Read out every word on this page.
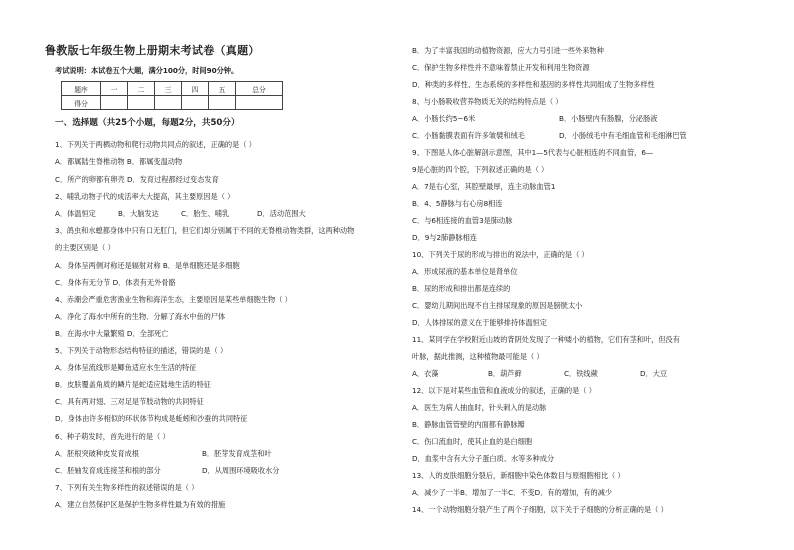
鲁教版七年级生物上册期末考试卷（真题）
考试说明：本试卷五个大题，满分100分，时间90分钟。
题序	一	二	三	四	五	总分
得分						
一、选择题（共25个小题，每题2分，共50分）
1、下列关于两栖动物和爬行动物共同点的叙述，正确的是（ ）
A．都属陆生脊椎动物 B．都属变温动物
C．所产的卵都有卵壳 D．发育过程都经过变态发育
2、哺乳动物子代的成活率大大提高，其主要原因是（ ）
A．体温恒定	B．大脑发达	C．胎生、哺乳	D．活动范围大
3、鸽虫和水螅都身体中只有口无肛门，但它们却分别属于不同的无脊椎动物类群，这两种动物
的主要区别是（ ）
A．身体呈两侧对称还是辐射对称 B．是单细胞还是多细胞
C．身体有无分节 D．体表有无外骨骼
4、赤潮会严重危害渔业生物和海洋生态，主要原因是某些单细胞生物（ ）
A．净化了海水中所有的生物．分解了海水中鱼的尸体
B．在海水中大量繁殖 D．全部死亡
5、下列关于动物形态结构特征的描述，错误的是（ ）
A．身体呈流线形是鲫鱼适应水生生活的特征
B．皮肤覆盖角质的鳞片是蛇适应陆地生活的特征
C．具有两对翅、三对足是节肢动物的共同特征
D．身体由许多相似的环状体节构成是蚯蚓和沙蚕的共同特征
6、种子萌发时，首先进行的是（ ）
A．胚根突破种皮发育成根	B．胚芽发育成茎和叶
C．胚轴发育成连接茎和根的部分	D．从周围环境吸收水分
7、下列有关生物多样性的叙述错误的是（ ）
A．建立自然保护区是保护生物多样性最为有效的措施
B．为了丰富我国的动植物资源，应大力号引进一些外来物种
C．保护生物多样性并不意味着禁止开发和利用生物资源
D．种类的多样性、生态系统的多样性和基因的多样性共同组成了生物多样性
8、与小肠吸收营养物质无关的结构特点是（ ）
A．小肠长约5~6米	B．小肠壁内有肠腺，分泌肠液
C．小肠黏膜表面有许多皱襞和绒毛	D．小肠绒毛中有毛细血管和毛细淋巴管
9、下图是人体心脏解剖示意图，其中1—5代表与心脏相连的不同血管，6—
9是心脏的四个腔，下列叙述正确的是（ ）
A．7是右心室，其腔壁最厚，连主动脉血管1
B．4、5静脉与右心房8相连
C．与6相连接的血管3是肺动脉
D．9与2肺静脉相连
10、下列关于尿的形成与排出的说法中，正确的是（ ）
A．形成尿液的基本单位是肾单位
B．尿的形成和排出都是连续的
C．婴幼儿期间出现不自主排尿现象的原因是膀胱太小
D．人体排尿的意义在于能够排持体温恒定
11、某同学在学校附近山坡的背阴处发现了一种矮小的植物，它们有茎和叶，但没有
叶脉，据此推测，这种植物最可能是（ ）
A．衣藻	B．葫芦藓	C．铁线蕨	D．大豆
12、以下是对某些血管和血液成分的叙述，正确的是（ ）
A．医生为病人抽血时，针头刺入的是动脉
B．静脉血管管壁的内面都有静脉瓣
C．伤口流血时，使其止血的是白细胞
D．血浆中含有大分子蛋白质、水等多种成分
13、人的皮肤细胞分裂后，新细胞中染色体数目与原细胞相比（ ）
A．减少了一半B．增加了一半C．不变D．有的增加，有的减少
14、一个动物细胞分裂产生了两个子细胞，以下关于子细胞的分析正确的是（ ）
